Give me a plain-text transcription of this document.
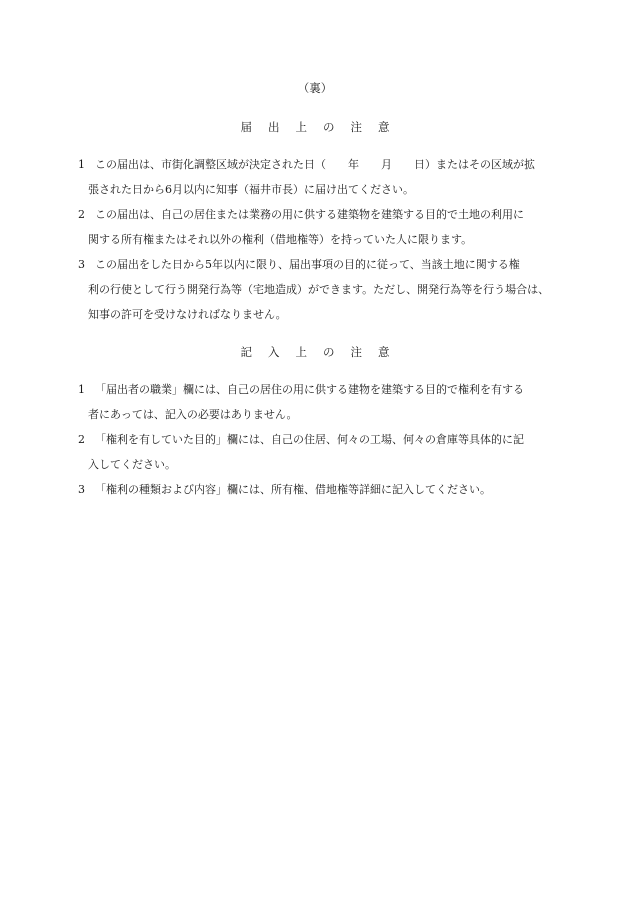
（裏）
届 出 上 の 注 意
1 この届出は、市街化調整区域が決定された日（ 年 月 日）またはその区域が拡
張された日から6月以内に知事（福井市長）に届け出てください。
2 この届出は、自己の居住または業務の用に供する建築物を建築する目的で土地の利用に
関する所有権またはそれ以外の権利（借地権等）を持っていた人に限ります。
3 この届出をした日から5年以内に限り、届出事項の目的に従って、当該土地に関する権
利の行使として行う開発行為等（宅地造成）ができます。ただし、開発行為等を行う場合は、
知事の許可を受けなければなりません。
記 入 上 の 注 意
1 「届出者の職業」欄には、自己の居住の用に供する建物を建築する目的で権利を有する
者にあっては、記入の必要はありません。
2 「権利を有していた目的」欄には、自己の住居、何々の工場、何々の倉庫等具体的に記
入してください。
3 「権利の種類および内容」欄には、所有権、借地権等詳細に記入してください。
